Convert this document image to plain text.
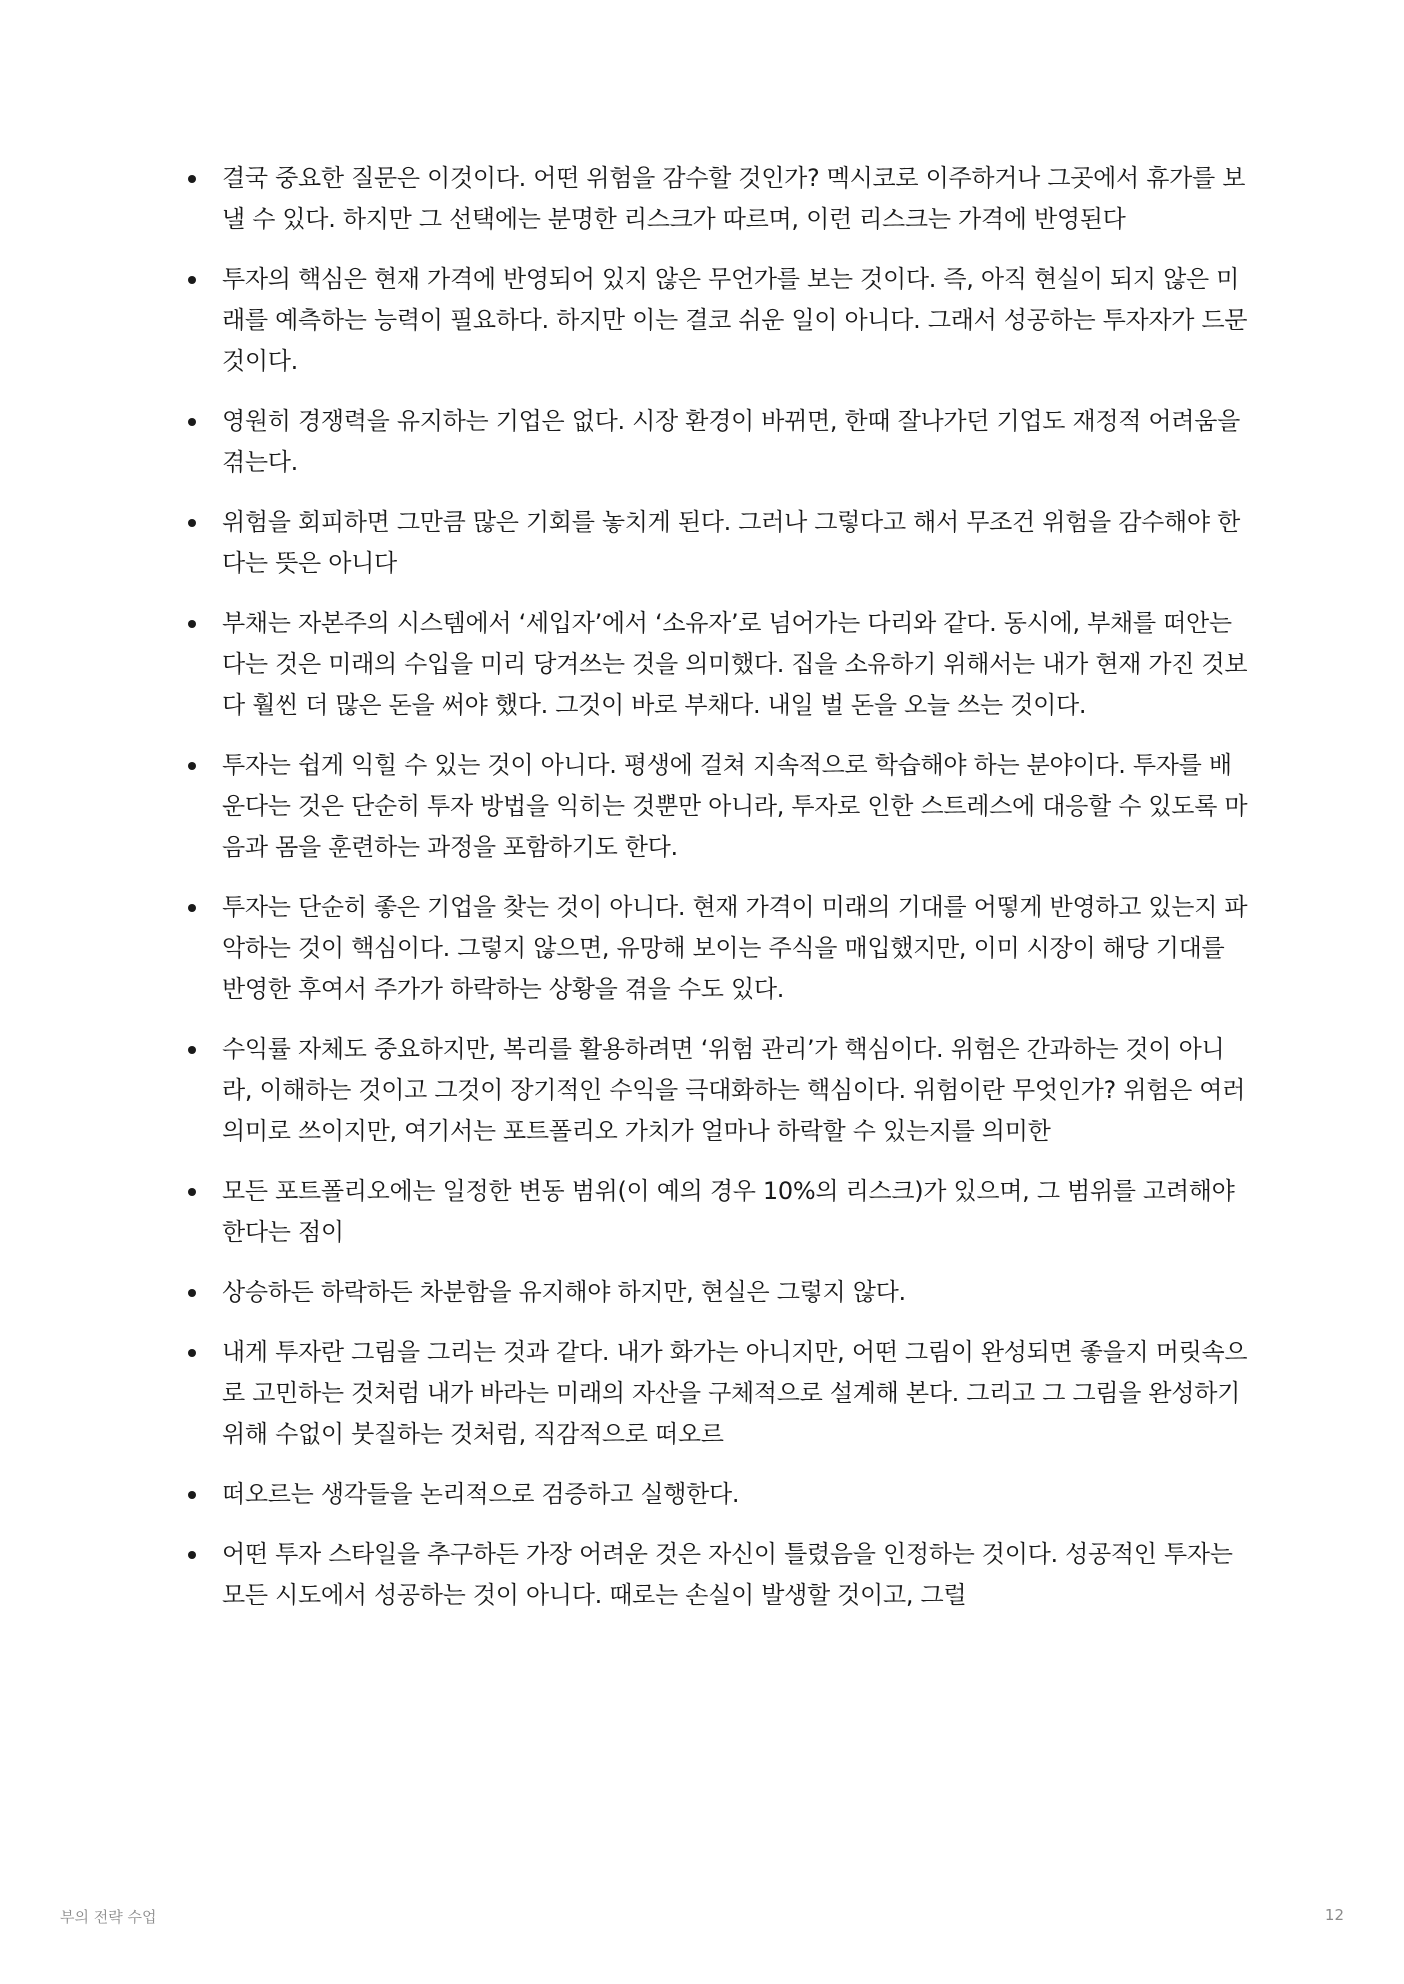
결국 중요한 질문은 이것이다. 어떤 위험을 감수할 것인가? 멕시코로 이주하거나 그곳에서 휴가를 보낼 수 있다. 하지만 그 선택에는 분명한 리스크가 따르며, 이런 리스크는 가격에 반영된다
투자의 핵심은 현재 가격에 반영되어 있지 않은 무언가를 보는 것이다. 즉, 아직 현실이 되지 않은 미래를 예측하는 능력이 필요하다. 하지만 이는 결코 쉬운 일이 아니다. 그래서 성공하는 투자자가 드문 것이다.
영원히 경쟁력을 유지하는 기업은 없다. 시장 환경이 바뀌면, 한때 잘나가던 기업도 재정적 어려움을 겪는다.
위험을 회피하면 그만큼 많은 기회를 놓치게 된다. 그러나 그렇다고 해서 무조건 위험을 감수해야 한다는 뜻은 아니다
부채는 자본주의 시스템에서 ‘세입자’에서 ‘소유자’로 넘어가는 다리와 같다. 동시에, 부채를 떠안는다는 것은 미래의 수입을 미리 당겨쓰는 것을 의미했다. 집을 소유하기 위해서는 내가 현재 가진 것보다 훨씬 더 많은 돈을 써야 했다. 그것이 바로 부채다. 내일 벌 돈을 오늘 쓰는 것이다.
투자는 쉽게 익힐 수 있는 것이 아니다. 평생에 걸쳐 지속적으로 학습해야 하는 분야이다. 투자를 배운다는 것은 단순히 투자 방법을 익히는 것뿐만 아니라, 투자로 인한 스트레스에 대응할 수 있도록 마음과 몸을 훈련하는 과정을 포함하기도 한다.
투자는 단순히 좋은 기업을 찾는 것이 아니다. 현재 가격이 미래의 기대를 어떻게 반영하고 있는지 파악하는 것이 핵심이다. 그렇지 않으면, 유망해 보이는 주식을 매입했지만, 이미 시장이 해당 기대를 반영한 후여서 주가가 하락하는 상황을 겪을 수도 있다.
수익률 자체도 중요하지만, 복리를 활용하려면 ‘위험 관리’가 핵심이다. 위험은 간과하는 것이 아니라, 이해하는 것이고 그것이 장기적인 수익을 극대화하는 핵심이다. 위험이란 무엇인가? 위험은 여러 의미로 쓰이지만, 여기서는 포트폴리오 가치가 얼마나 하락할 수 있는지를 의미한
모든 포트폴리오에는 일정한 변동 범위(이 예의 경우 10%의 리스크)가 있으며, 그 범위를 고려해야 한다는 점이
상승하든 하락하든 차분함을 유지해야 하지만, 현실은 그렇지 않다.
내게 투자란 그림을 그리는 것과 같다. 내가 화가는 아니지만, 어떤 그림이 완성되면 좋을지 머릿속으로 고민하는 것처럼 내가 바라는 미래의 자산을 구체적으로 설계해 본다. 그리고 그 그림을 완성하기 위해 수없이 붓질하는 것처럼, 직감적으로 떠오르
떠오르는 생각들을 논리적으로 검증하고 실행한다.
어떤 투자 스타일을 추구하든 가장 어려운 것은 자신이 틀렸음을 인정하는 것이다. 성공적인 투자는 모든 시도에서 성공하는 것이 아니다. 때로는 손실이 발생할 것이고, 그럴
부의 전략 수업	12
